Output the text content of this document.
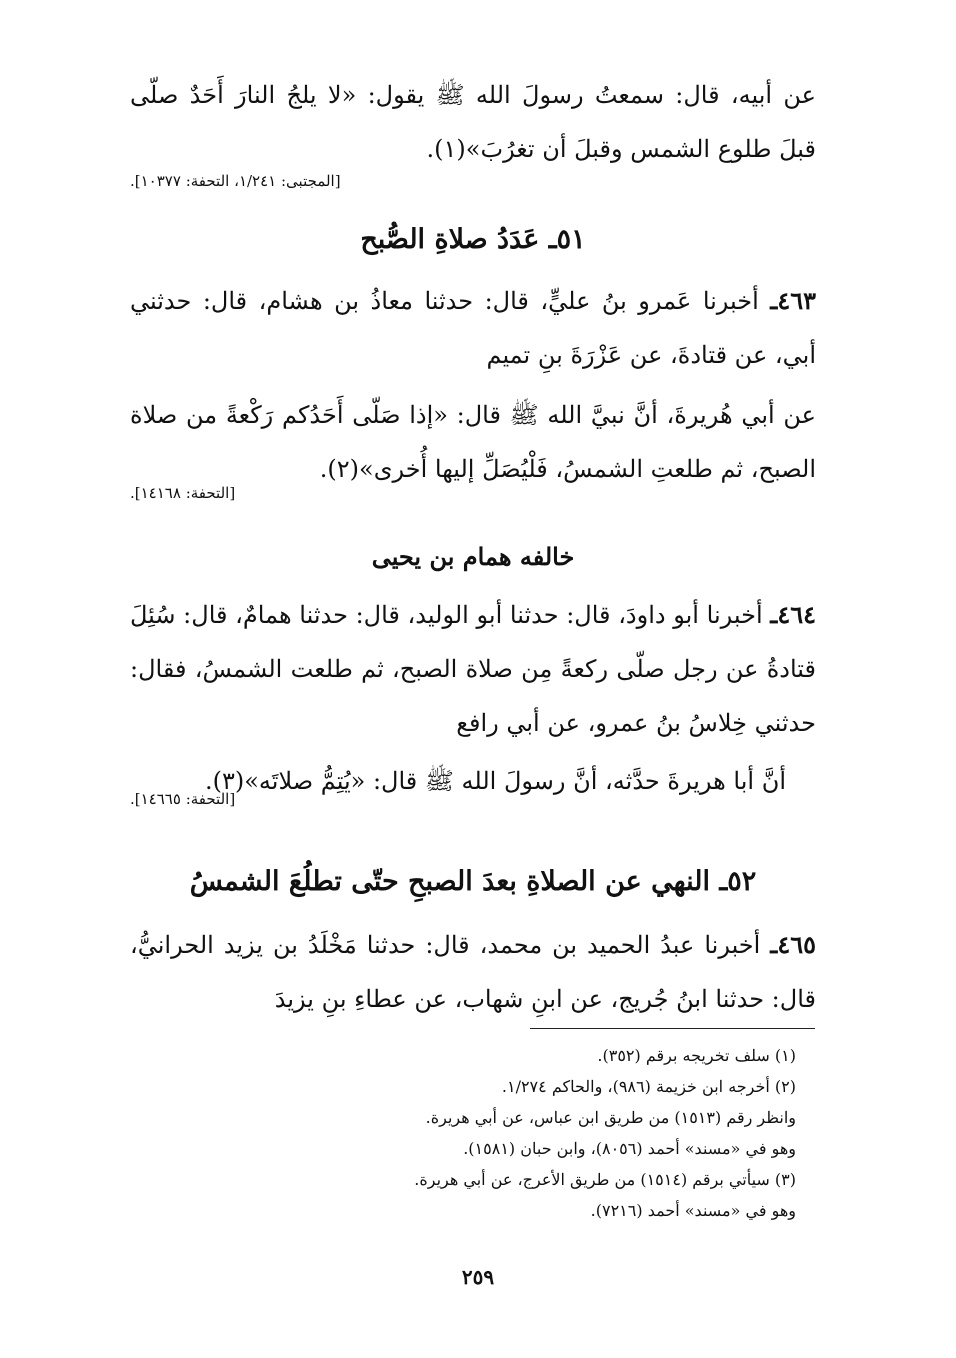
عن أبيه، قال: سمعتُ رسولَ الله ﷺ يقول: «لا يلجُ النارَ أَحَدٌ صلّى قبلَ طلوع الشمس وقبلَ أن تغرُبَ»(١).

[المجتبى: ١/٢٤١، التحفة: ١٠٣٧٧].
٥١ـ عَدَدُ صلاةِ الصُّبح

٤٦٣ـ أخبرنا عَمرو بنُ عليٍّ، قال: حدثنا معاذُ بن هشام، قال: حدثني أبي، عن قتادةَ، عن عَزْرَةَ بنِ تميم

عن أبي هُريرةَ، أنَّ نبيَّ الله ﷺ قال: «إذا صَلّى أَحَدُكم رَكْعةً من صلاة الصبح، ثم طلعتِ الشمسُ، فَلْيُصَلِّ إليها أُخرى»(٢).

[التحفة: ١٤١٦٨].
خالفه همام بن يحيى

٤٦٤ـ أخبرنا أبو داودَ، قال: حدثنا أبو الوليد، قال: حدثنا همامٌ، قال: سُئِلَ قتادةُ عن رجل صلّى ركعةً مِن صلاة الصبح، ثم طلعت الشمسُ، فقال: حدثني خِلاسُ بنُ عمرو، عن أبي رافع

أنَّ أبا هريرةَ حدَّثه، أنَّ رسولَ الله ﷺ قال: «يُتِمُّ صلاتَه»(٣).

[التحفة: ١٤٦٦٥].
٥٢ـ النهي عن الصلاةِ بعدَ الصبحِ حتّى تطلُعَ الشمسُ

٤٦٥ـ أخبرنا عبدُ الحميد بن محمد، قال: حدثنا مَخْلَدُ بن يزيد الحرانيُّ، قال: حدثنا ابنُ جُريج، عن ابنِ شهاب، عن عطاءِ بنِ يزيدَ

(١) سلف تخريجه برقم (٣٥٢).
(٢) أخرجه ابن خزيمة (٩٨٦)، والحاكم ١/٢٧٤.
وانظر رقم (١٥١٣) من طريق ابن عباس، عن أبي هريرة.
وهو في «مسند» أحمد (٨٠٥٦)، وابن حبان (١٥٨١).
(٣) سيأتي برقم (١٥١٤) من طريق الأعرج، عن أبي هريرة.
وهو في «مسند» أحمد (٧٢١٦).
٢٥٩
